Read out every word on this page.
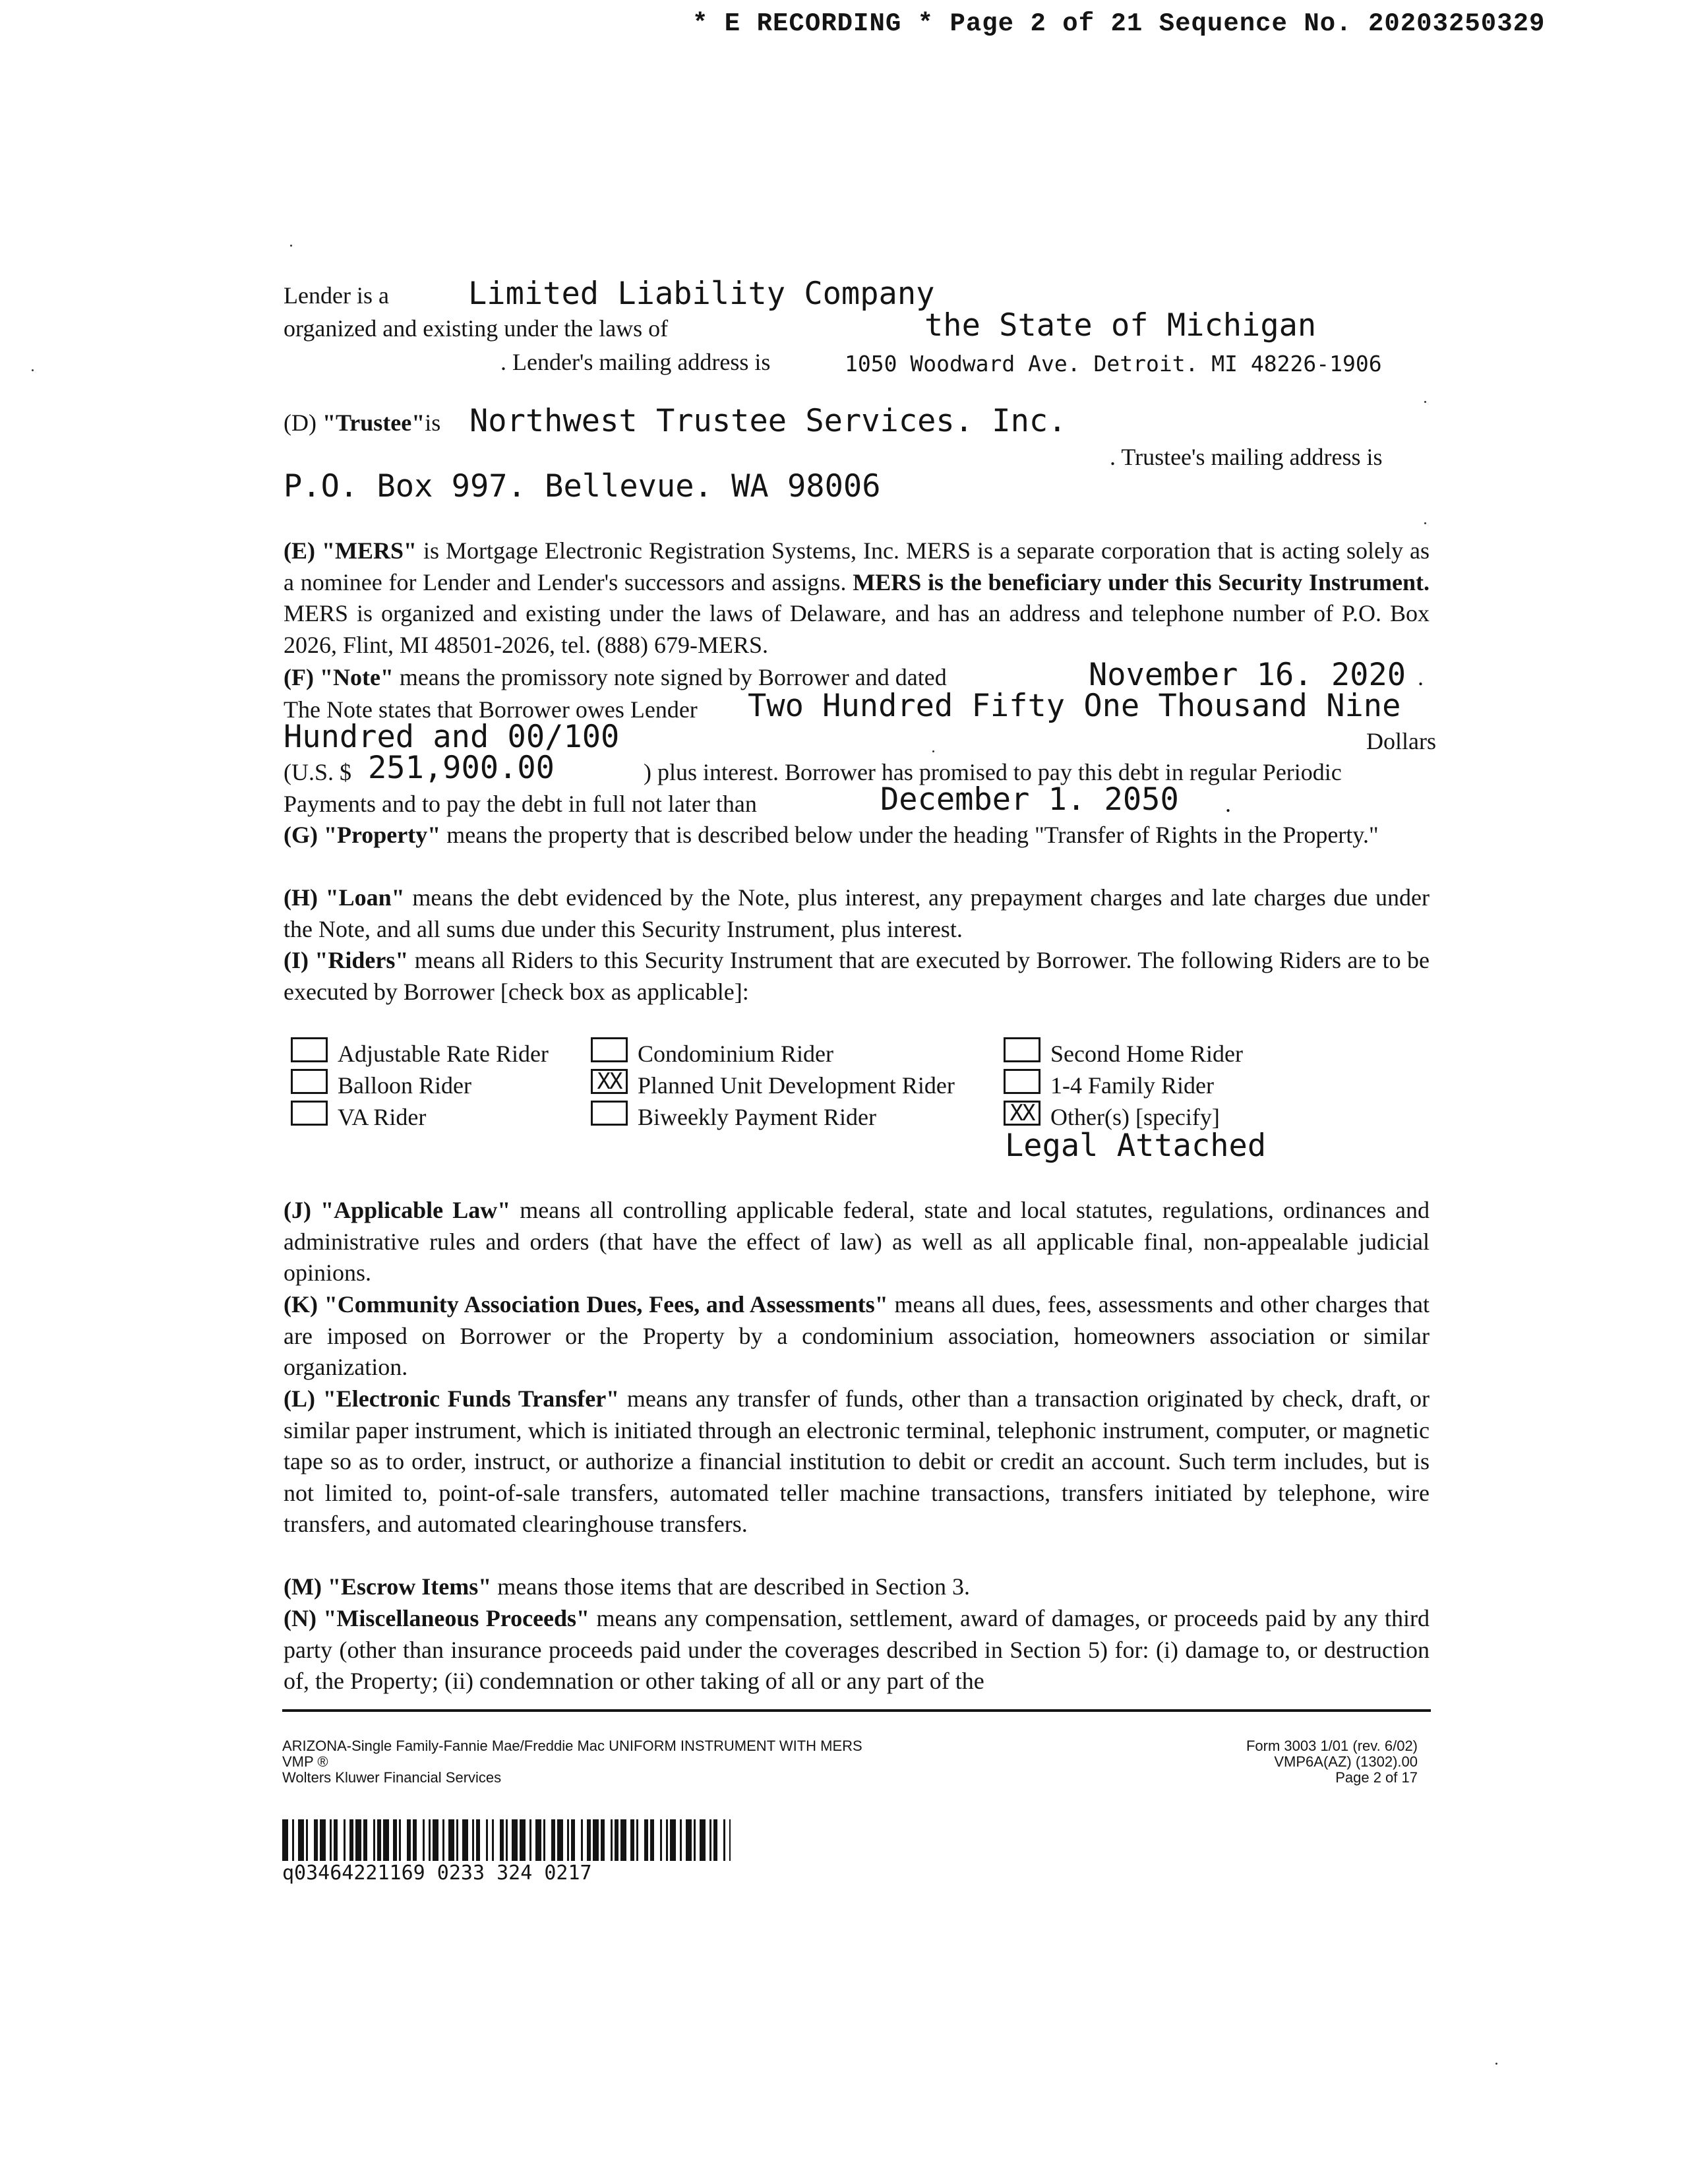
* E RECORDING * Page 2 of 21 Sequence No. 20203250329
Lender is a	Limited Liability Company
organized and existing under the laws of	the State of Michigan
. Lender's mailing address is	1050 Woodward Ave. Detroit. MI 48226-1906
(D) "Trustee"is Northwest Trustee Services. Inc.
. Trustee's mailing address is
P.O. Box 997. Bellevue. WA 98006
(E) "MERS" is Mortgage Electronic Registration Systems, Inc. MERS is a separate corporation that is acting solely as a nominee for Lender and Lender's successors and assigns. MERS is the beneficiary under this Security Instrument. MERS is organized and existing under the laws of Delaware, and has an address and telephone number of P.O. Box 2026, Flint, MI 48501-2026, tel. (888) 679-MERS.
(F) "Note" means the promissory note signed by Borrower and dated	November 16. 2020 .
The Note states that Borrower owes Lender Two Hundred Fifty One Thousand Nine
Hundred and 00/100	Dollars
(U.S. $ 251,900.00	) plus interest. Borrower has promised to pay this debt in regular Periodic
Payments and to pay the debt in full not later than	December 1. 2050 .
(G) "Property" means the property that is described below under the heading "Transfer of Rights in the Property."
(H) "Loan" means the debt evidenced by the Note, plus interest, any prepayment charges and late charges due under the Note, and all sums due under this Security Instrument, plus interest.
(I) "Riders" means all Riders to this Security Instrument that are executed by Borrower. The following Riders are to be executed by Borrower [check box as applicable]:
Adjustable Rate Rider	Condominium Rider	Second Home Rider
Balloon Rider	XX Planned Unit Development Rider	1-4 Family Rider
VA Rider	Biweekly Payment Rider	XX Other(s) [specify]
Legal Attached
(J) "Applicable Law" means all controlling applicable federal, state and local statutes, regulations, ordinances and administrative rules and orders (that have the effect of law) as well as all applicable final, non-appealable judicial opinions.
(K) "Community Association Dues, Fees, and Assessments" means all dues, fees, assessments and other charges that are imposed on Borrower or the Property by a condominium association, homeowners association or similar organization.
(L) "Electronic Funds Transfer" means any transfer of funds, other than a transaction originated by check, draft, or similar paper instrument, which is initiated through an electronic terminal, telephonic instrument, computer, or magnetic tape so as to order, instruct, or authorize a financial institution to debit or credit an account. Such term includes, but is not limited to, point-of-sale transfers, automated teller machine transactions, transfers initiated by telephone, wire transfers, and automated clearinghouse transfers.
(M) "Escrow Items" means those items that are described in Section 3.
(N) "Miscellaneous Proceeds" means any compensation, settlement, award of damages, or proceeds paid by any third party (other than insurance proceeds paid under the coverages described in Section 5) for: (i) damage to, or destruction of, the Property; (ii) condemnation or other taking of all or any part of the
ARIZONA-Single Family-Fannie Mae/Freddie Mac UNIFORM INSTRUMENT WITH MERS
VMP ®
Wolters Kluwer Financial Services
Form 3003 1/01 (rev. 6/02)
VMP6A(AZ) (1302).00
Page 2 of 17
q03464221169 0233 324 0217
